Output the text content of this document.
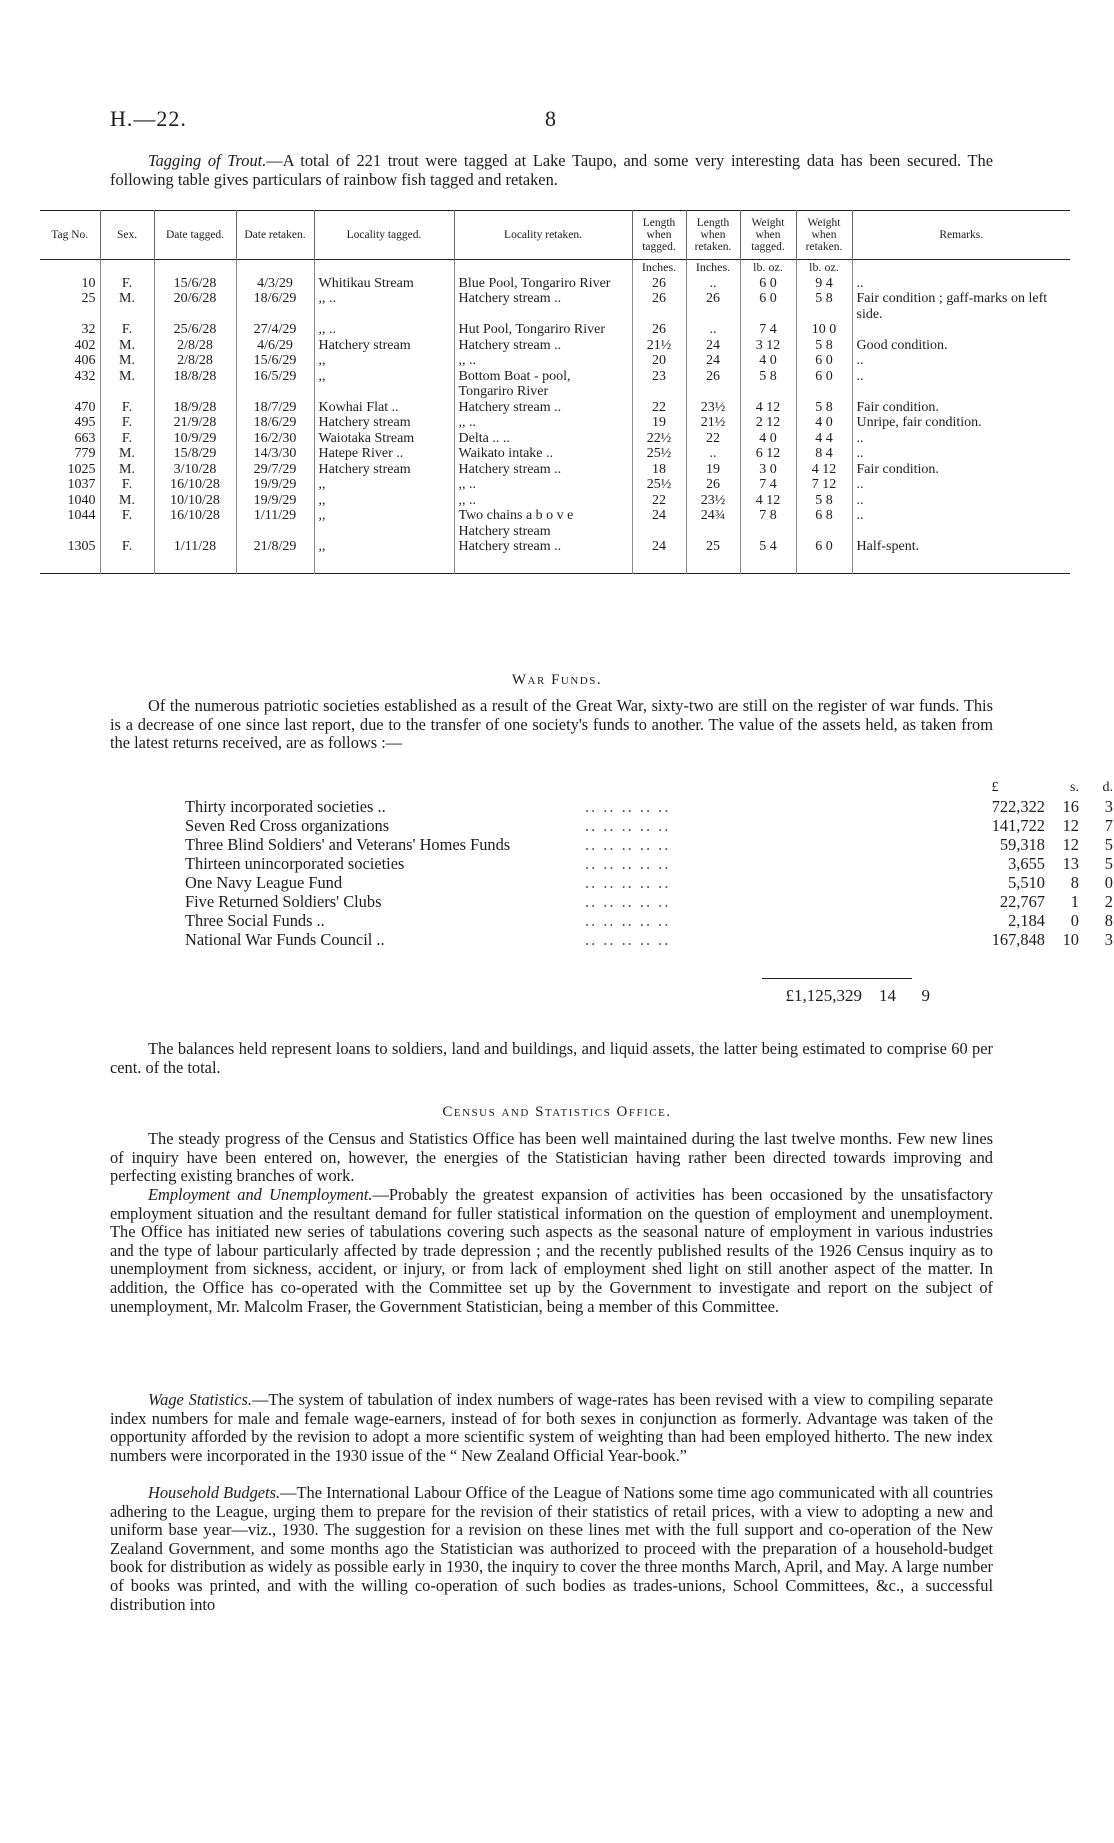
H.—22.	8
Tagging of Trout.—A total of 221 trout were tagged at Lake Taupo, and some very interesting data has been secured. The following table gives particulars of rainbow fish tagged and retaken.
Tag No.	Sex.	Date tagged.	Date retaken.	Locality tagged.	Locality retaken.	Length when tagged.	Length when retaken.	Weight when tagged.	Weight when retaken.	Remarks.
						Inches.	Inches.	lb. oz.	lb. oz.	
10	F.	15/6/28	4/3/29	Whitikau Stream	Blue Pool, Tongariro River	26	..	6 0	9 4	..
25	M.	20/6/28	18/6/29	,, ..	Hatchery stream ..	26	26	6 0	5 8	Fair condition ; gaff-marks on left side.
32	F.	25/6/28	27/4/29	,, ..	Hut Pool, Tongariro River	26	..	7 4	10 0	
402	M.	2/8/28	4/6/29	Hatchery stream	Hatchery stream ..	21½	24	3 12	5 8	Good condition.
406	M.	2/8/28	15/6/29	,,	,, ..	20	24	4 0	6 0	..
432	M.	18/8/28	16/5/29	,,	Bottom Boat - pool, Tongariro River	23	26	5 8	6 0	..
470	F.	18/9/28	18/7/29	Kowhai Flat ..	Hatchery stream ..	22	23½	4 12	5 8	Fair condition.
495	F.	21/9/28	18/6/29	Hatchery stream	,, ..	19	21½	2 12	4 0	Unripe, fair condition.
663	F.	10/9/29	16/2/30	Waiotaka Stream	Delta .. ..	22½	22	4 0	4 4	..
779	M.	15/8/29	14/3/30	Hatepe River ..	Waikato intake ..	25½	..	6 12	8 4	..
1025	M.	3/10/28	29/7/29	Hatchery stream	Hatchery stream ..	18	19	3 0	4 12	Fair condition.
1037	F.	16/10/28	19/9/29	,,	,, ..	25½	26	7 4	7 12	..
1040	M.	10/10/28	19/9/29	,,	,, ..	22	23½	4 12	5 8	..
1044	F.	16/10/28	1/11/29	,,	Two chains a b o v e Hatchery stream	24	24¾	7 8	6 8	..
1305	F.	1/11/28	21/8/29	,,	Hatchery stream ..	24	25	5 4	6 0	Half-spent.
War Funds.
Of the numerous patriotic societies established as a result of the Great War, sixty-two are still on the register of war funds. This is a decrease of one since last report, due to the transfer of one society's funds to another. The value of the assets held, as taken from the latest returns received, are as follows :—
		£	s.	d.
Thirty incorporated societies ..	.. .. .. .. ..	722,322	16	3
Seven Red Cross organizations	.. .. .. .. ..	141,722	12	7
Three Blind Soldiers' and Veterans' Homes Funds	.. .. .. .. ..	59,318	12	5
Thirteen unincorporated societies	.. .. .. .. ..	3,655	13	5
One Navy League Fund	.. .. .. .. ..	5,510	8	0
Five Returned Soldiers' Clubs	.. .. .. .. ..	22,767	1	2
Three Social Funds ..	.. .. .. .. ..	2,184	0	8
National War Funds Council ..	.. .. .. .. ..	167,848	10	3
£1,125,329	14	9
The balances held represent loans to soldiers, land and buildings, and liquid assets, the latter being estimated to comprise 60 per cent. of the total.
Census and Statistics Office.
The steady progress of the Census and Statistics Office has been well maintained during the last twelve months. Few new lines of inquiry have been entered on, however, the energies of the Statistician having rather been directed towards improving and perfecting existing branches of work.
Employment and Unemployment.—Probably the greatest expansion of activities has been occasioned by the unsatisfactory employment situation and the resultant demand for fuller statistical information on the question of employment and unemployment. The Office has initiated new series of tabulations covering such aspects as the seasonal nature of employment in various industries and the type of labour particularly affected by trade depression ; and the recently published results of the 1926 Census inquiry as to unemployment from sickness, accident, or injury, or from lack of employment shed light on still another aspect of the matter. In addition, the Office has co-operated with the Committee set up by the Government to investigate and report on the subject of unemployment, Mr. Malcolm Fraser, the Government Statistician, being a member of this Committee.
Wage Statistics.—The system of tabulation of index numbers of wage-rates has been revised with a view to compiling separate index numbers for male and female wage-earners, instead of for both sexes in conjunction as formerly. Advantage was taken of the opportunity afforded by the revision to adopt a more scientific system of weighting than had been employed hitherto. The new index numbers were incorporated in the 1930 issue of the “ New Zealand Official Year-book.”
Household Budgets.—The International Labour Office of the League of Nations some time ago communicated with all countries adhering to the League, urging them to prepare for the revision of their statistics of retail prices, with a view to adopting a new and uniform base year—viz., 1930. The suggestion for a revision on these lines met with the full support and co-operation of the New Zealand Government, and some months ago the Statistician was authorized to proceed with the preparation of a household-budget book for distribution as widely as possible early in 1930, the inquiry to cover the three months March, April, and May. A large number of books was printed, and with the willing co-operation of such bodies as trades-unions, School Committees, &c., a successful distribution into
